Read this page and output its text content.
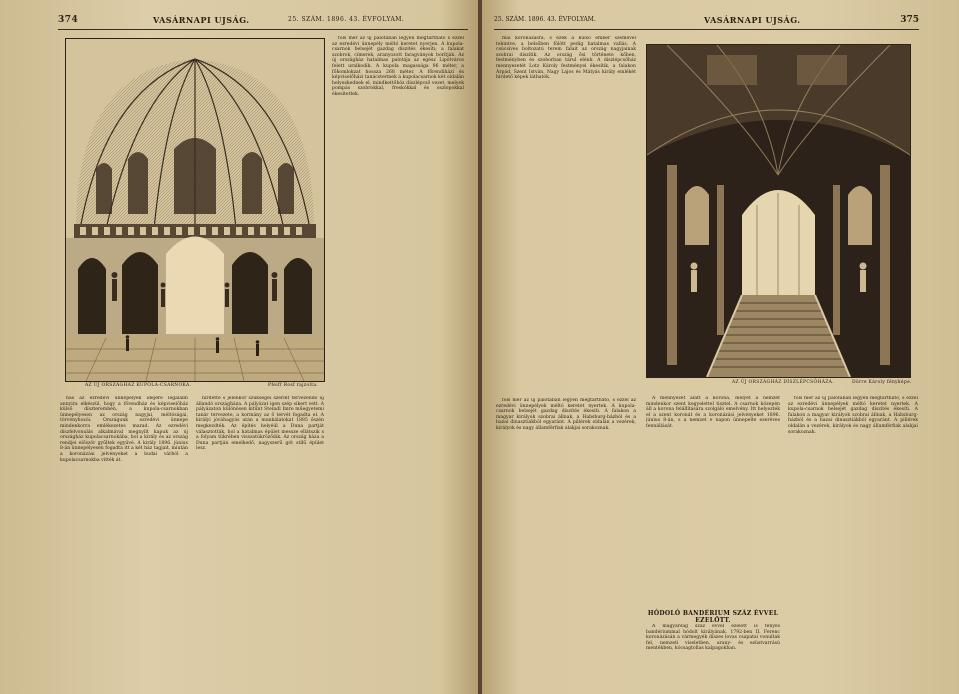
374	VASÁRNAPI UJSÁG.	25. SZÁM. 1896. 43. ÉVFOLYAM.
AZ ÚJ ORSZÁGHÁZ KUPOLA-CSARNOKA.	Pfeiff Rosf rajzolta.

hás az ezredévi ünnepélyek idejére legalább annyira elkészül, hogy a főrendház és képviselőház külső díszterembén, a kupola-csarnokban ünnepélyesen az ország nagyjai, méltóságai, törvényhozói. Országunk ezredévi ünnepe mindenkorra emlékezetes marad. Az ezredévi díszfelvonulás alkalmával megnyílt kapuk az új országház kupolacsarnokába, hol a király és az ország rendjei először gyűltek együvé. A király 1896. június 8-án ünnepélyesen fogadta itt a két ház tagjait, miután a koronázási jelvényeket a budai várból a kupolacsarnokba vitték át.

hírdette s jelenkor szükségei szerint tervezendő új állandó országháza. A pályázat igen szép sikert vett. A pályázaton különösen kitűnt Steindl Imre műegyetemi tanár tervezete, a kormány az ő tervét fogadta el. A királyi jóváhagyás után a munkálatokat 1885 őszén megkezdték. Az építés helyéül a Duna partját választották, hol a hatalmas épület messze ellátszik s a folyam tükrében visszatükröződik. Az ország háza a Duna partján emelkedő, nagyszerű gót stílű épület lesz.

föls mér az új palotában legyen megtartható s ezzel az ezredévi ünnepély méltó keretet nyerjen. A kupola-csarnok belsejét gazdag díszítés ékesíti; a falakat szobrok, címerek, aranyozott faragványok borítják. Az új országház hatalmas palotája az egész Lipótváros felett uralkodik. A kupola magassága 96 méter, a főhomlokzat hossza 268 méter. A főrendiházi és képviselőházi tanácstermek a kupolacsarnok két oldalán helyezkednek el, mindkettőhöz díszlépcső vezet, melyek pompás szobrokkal, freskókkal és oszlopokkal ékesítettek.

25. SZÁM. 1896. 43. ÉVFOLYAM.	VASÁRNAPI UJSÁG.	375

mai koronázásra, s ezek a külső ember szemével tekintve, a belsőben fölött pedig hatalmas vallás. A csúcsíves boltozatú terem falait az ország nagyjainak szobrai díszítik. Az ország ősi története kőben, festményben és szoborban tárul elénk. A díszlépcsőház mennyezetét Lotz Károly festményei ékesítik, a falakon Árpád, Szent István, Nagy Lajos és Mátyás király emlékét hirdető képek láthatók.

AZ ÚJ ORSZÁGHÁZ DÍSZLÉPCSŐHÁZA.	Dörre Károly fényképe.

föls mér az új palotában legyen megtartható, s ezzel az ezredévi ünnepélyek méltó keretet nyertek. A kupola-csarnok belsejét gazdag díszítés ékesíti. A falakon a magyar királyok szobrai állnak, a Habsburg-házból és a hazai dinasztiákból egyaránt. A pillérek oldalán a vezérek, királyok és nagy államférfiak alakjai sorakoznak.

A mennyezet alatt a korona, melyet a nemzet mindenkor szent kegyelettel tisztel. A csarnok közepén áll a korona felállítására szolgáló emelvény. Itt helyezték el a szent koronát és a koronázási jelvényeket 1896. június 8-án, s a nemzet e napon ünnepelte ezeréves fennállását.

HÓDOLÓ BANDÉRIUM SZÁZ ÉVVEL EZELŐTT.

A magyarság száz évvel ezelőtt is fényes bandériummal hódolt királyának. 1792-ben II. Ferenc koronázásán a vármegyék díszes lovas csapatai vonultak fel, nemzeti viseletben, arany- és ezüstvarrású mentékben, kócsagtollas kalpagokban.

föls mér az új palotában legyen megtartható, s ezzel az ezredévi ünnepélyek méltó keretet nyertek. A kupola-csarnok belsejét gazdag díszítés ékesíti. A falakon a magyar királyok szobrai állnak, a Habsburg-házból és a hazai dinasztiákból egyaránt. A pillérek oldalán a vezérek, királyok és nagy államférfiak alakjai sorakoznak.
